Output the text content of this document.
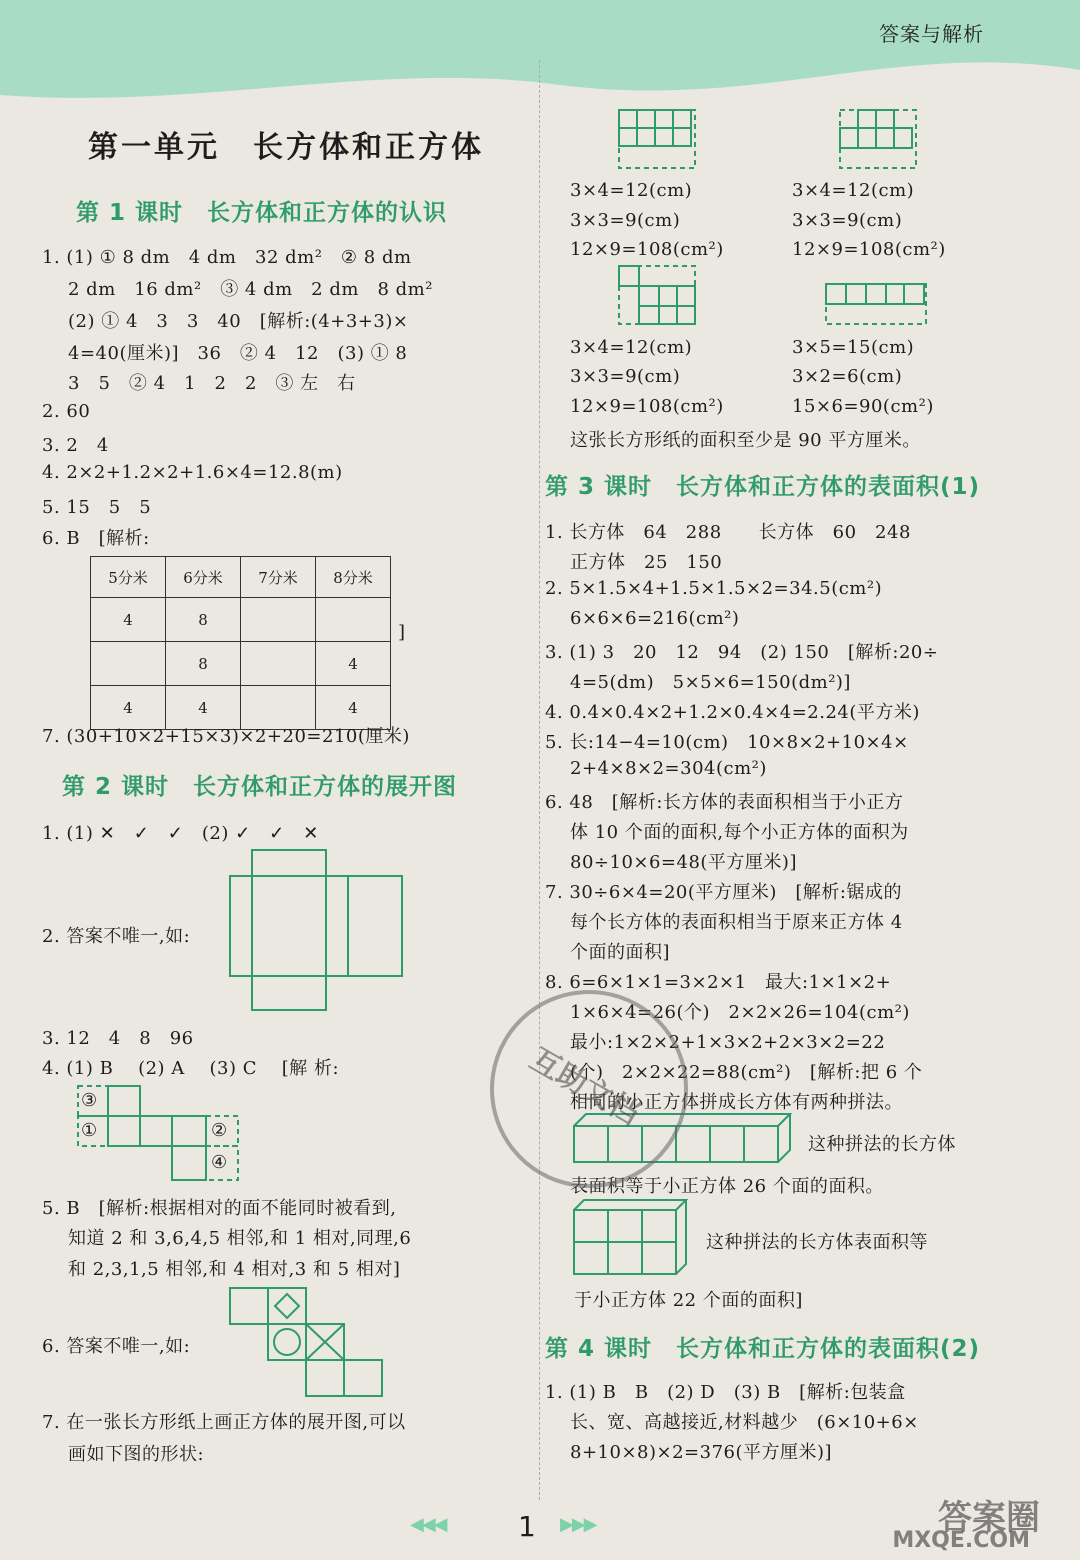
答案与解析
第一单元　长方体和正方体
第 1 课时　长方体和正方体的认识
1. (1) ① 8 dm　4 dm　32 dm²　② 8 dm
2 dm　16 dm²　③ 4 dm　2 dm　8 dm²
(2) ① 4　3　3　40　[解析:(4+3+3)×
4=40(厘米)]　36　② 4　12　(3) ① 8
3　5　② 4　1　2　2　③ 左　右
2. 60
3. 2　4
4. 2×2+1.2×2+1.6×4=12.8(m)
5. 15　5　5
6. B　[解析:
5分米	6分米	7分米	8分米
4	8		
	8		4
4	4		4
]
7. (30+10×2+15×3)×2+20=210(厘米)
第 2 课时　长方体和正方体的展开图
1. (1) ✕　✓　✓　(2) ✓　✓　✕
2. 答案不唯一,如:
3. 12　4　8　96
4. (1) B　 (2) A　 (3) C　 [解 析:
③
①	②
④
5. B　[解析:根据相对的面不能同时被看到,
知道 2 和 3,6,4,5 相邻,和 1 相对,同理,6
和 2,3,1,5 相邻,和 4 相对,3 和 5 相对]
6. 答案不唯一,如:
7. 在一张长方形纸上画正方体的展开图,可以
画如下图的形状:
3×4=12(cm)
3×3=9(cm)
12×9=108(cm²)
3×4=12(cm)
3×3=9(cm)
12×9=108(cm²)
3×4=12(cm)
3×3=9(cm)
12×9=108(cm²)
3×5=15(cm)
3×2=6(cm)
15×6=90(cm²)
这张长方形纸的面积至少是 90 平方厘米。
第 3 课时　长方体和正方体的表面积(1)
1. 长方体　64　288　　长方体　60　248
正方体　25　150
2. 5×1.5×4+1.5×1.5×2=34.5(cm²)
6×6×6=216(cm²)
3. (1) 3　20　12　94　(2) 150　[解析:20÷
4=5(dm)　5×5×6=150(dm²)]
4. 0.4×0.4×2+1.2×0.4×4=2.24(平方米)
5. 长:14−4=10(cm)　10×8×2+10×4×
2+4×8×2=304(cm²)
6. 48　[解析:长方体的表面积相当于小正方
体 10 个面的面积,每个小正方体的面积为
80÷10×6=48(平方厘米)]
7. 30÷6×4=20(平方厘米)　[解析:锯成的
每个长方体的表面积相当于原来正方体 4
个面的面积]
8. 6=6×1×1=3×2×1　最大:1×1×2+
1×6×4=26(个)　2×2×26=104(cm²)
最小:1×2×2+1×3×2+2×3×2=22
(个)　2×2×22=88(cm²)　[解析:把 6 个
相同的小正方体拼成长方体有两种拼法。
这种拼法的长方体
表面积等于小正方体 26 个面的面积。
这种拼法的长方体表面积等
于小正方体 22 个面的面积]
第 4 课时　长方体和正方体的表面积(2)
1. (1) B　B　(2) D　(3) B　[解析:包装盒
长、宽、高越接近,材料越少　(6×10+6×
8+10×8)×2=376(平方厘米)]
互助文档
答案圈
MXQE.COM
◀◀◀	1 ▶▶▶
